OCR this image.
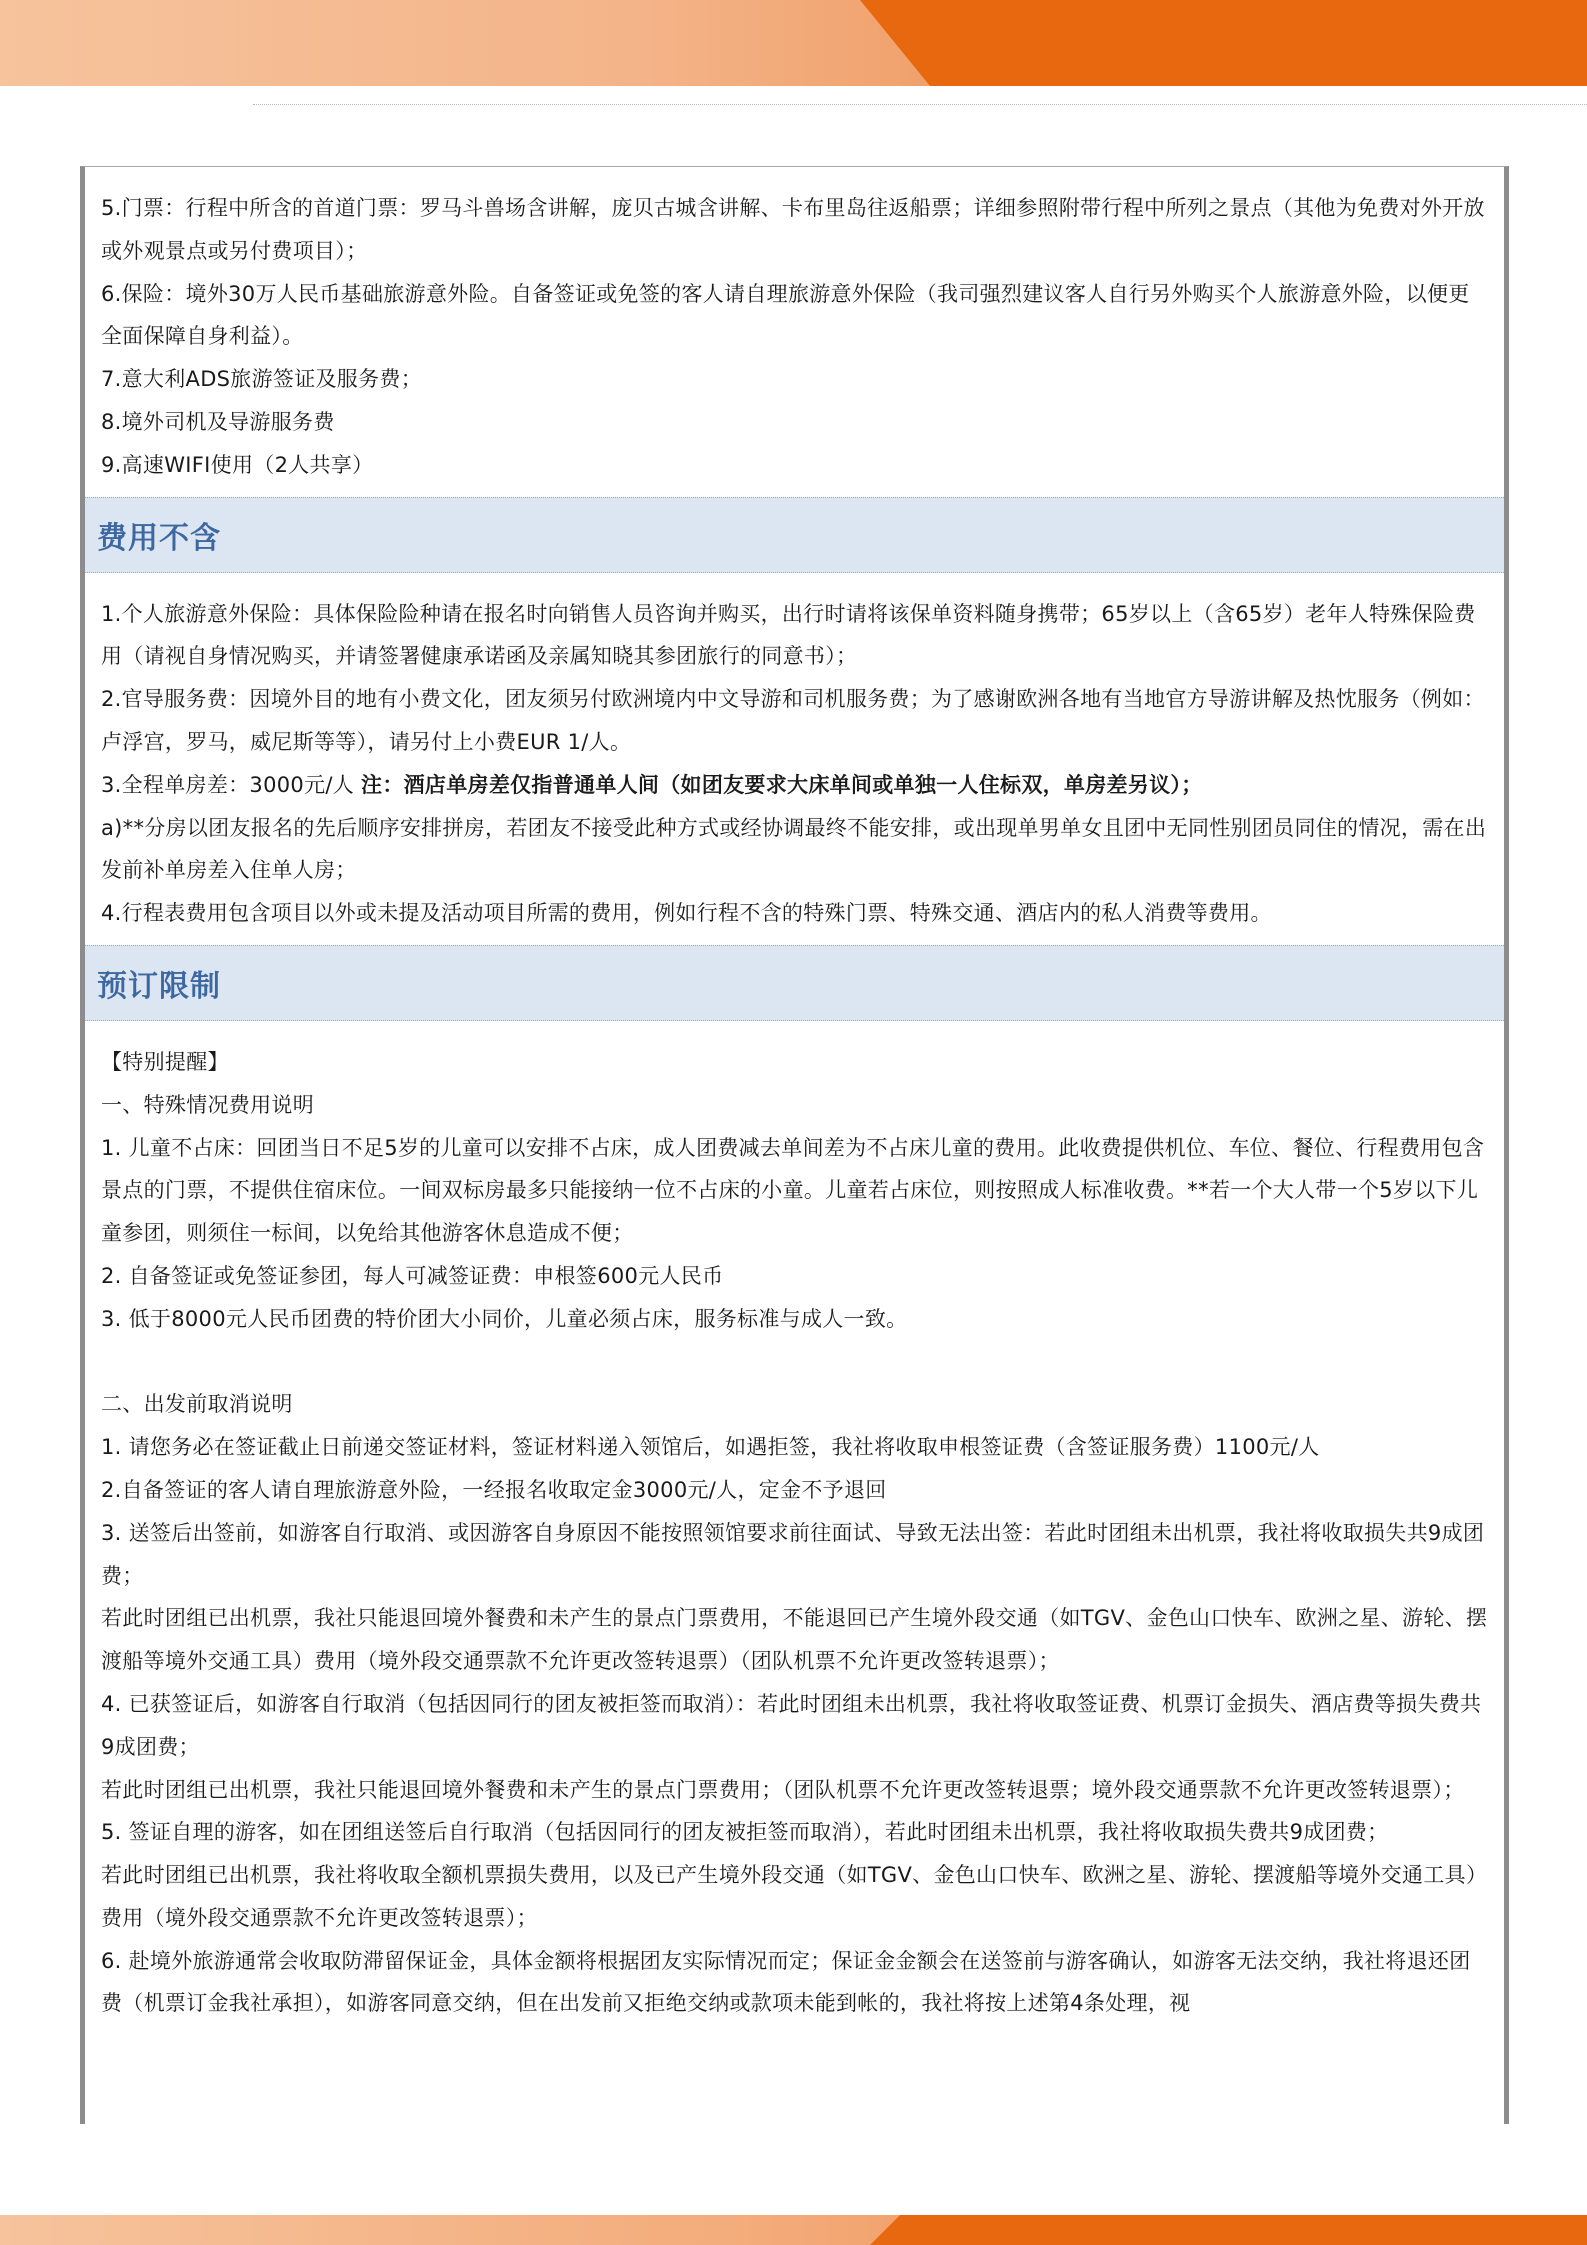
5.门票：行程中所含的首道门票：罗马斗兽场含讲解，庞贝古城含讲解、卡布里岛往返船票；详细参照附带行程中所列之景点（其他为免费对外开放或外观景点或另付费项目）；

6.保险：境外30万人民币基础旅游意外险。自备签证或免签的客人请自理旅游意外保险（我司强烈建议客人自行另外购买个人旅游意外险，以便更全面保障自身利益）。

7.意大利ADS旅游签证及服务费；

8.境外司机及导游服务费

9.高速WIFI使用（2人共享）

费用不含

1.个人旅游意外保险：具体保险险种请在报名时向销售人员咨询并购买，出行时请将该保单资料随身携带；65岁以上（含65岁）老年人特殊保险费用（请视自身情况购买，并请签署健康承诺函及亲属知晓其参团旅行的同意书）；

2.官导服务费：因境外目的地有小费文化，团友须另付欧洲境内中文导游和司机服务费；为了感谢欧洲各地有当地官方导游讲解及热忱服务（例如：卢浮宫，罗马，威尼斯等等），请另付上小费EUR 1/人。

3.全程单房差：3000元/人 注：酒店单房差仅指普通单人间（如团友要求大床单间或单独一人住标双，单房差另议）；

a)**分房以团友报名的先后顺序安排拼房，若团友不接受此种方式或经协调最终不能安排，或出现单男单女且团中无同性别团员同住的情况，需在出发前补单房差入住单人房；

4.行程表费用包含项目以外或未提及活动项目所需的费用，例如行程不含的特殊门票、特殊交通、酒店内的私人消费等费用。

预订限制

【特别提醒】

一、特殊情况费用说明

1. 儿童不占床：回团当日不足5岁的儿童可以安排不占床，成人团费减去单间差为不占床儿童的费用。此收费提供机位、车位、餐位、行程费用包含景点的门票，不提供住宿床位。一间双标房最多只能接纳一位不占床的小童。儿童若占床位，则按照成人标准收费。**若一个大人带一个5岁以下儿童参团，则须住一标间，以免给其他游客休息造成不便；

2. 自备签证或免签证参团，每人可减签证费：申根签600元人民币

3. 低于8000元人民币团费的特价团大小同价，儿童必须占床，服务标准与成人一致。

二、出发前取消说明

1. 请您务必在签证截止日前递交签证材料，签证材料递入领馆后，如遇拒签，我社将收取申根签证费（含签证服务费）1100元/人

2.自备签证的客人请自理旅游意外险，一经报名收取定金3000元/人，定金不予退回

3. 送签后出签前，如游客自行取消、或因游客自身原因不能按照领馆要求前往面试、导致无法出签：若此时团组未出机票，我社将收取损失共9成团费；

若此时团组已出机票，我社只能退回境外餐费和未产生的景点门票费用，不能退回已产生境外段交通（如TGV、金色山口快车、欧洲之星、游轮、摆渡船等境外交通工具）费用（境外段交通票款不允许更改签转退票）（团队机票不允许更改签转退票）；

4. 已获签证后，如游客自行取消（包括因同行的团友被拒签而取消）：若此时团组未出机票，我社将收取签证费、机票订金损失、酒店费等损失费共9成团费；

若此时团组已出机票，我社只能退回境外餐费和未产生的景点门票费用；（团队机票不允许更改签转退票；境外段交通票款不允许更改签转退票）；

5. 签证自理的游客，如在团组送签后自行取消（包括因同行的团友被拒签而取消），若此时团组未出机票，我社将收取损失费共9成团费；

若此时团组已出机票，我社将收取全额机票损失费用，以及已产生境外段交通（如TGV、金色山口快车、欧洲之星、游轮、摆渡船等境外交通工具）费用（境外段交通票款不允许更改签转退票）；

6. 赴境外旅游通常会收取防滞留保证金，具体金额将根据团友实际情况而定；保证金金额会在送签前与游客确认，如游客无法交纳，我社将退还团费（机票订金我社承担），如游客同意交纳，但在出发前又拒绝交纳或款项未能到帐的，我社将按上述第4条处理，视
